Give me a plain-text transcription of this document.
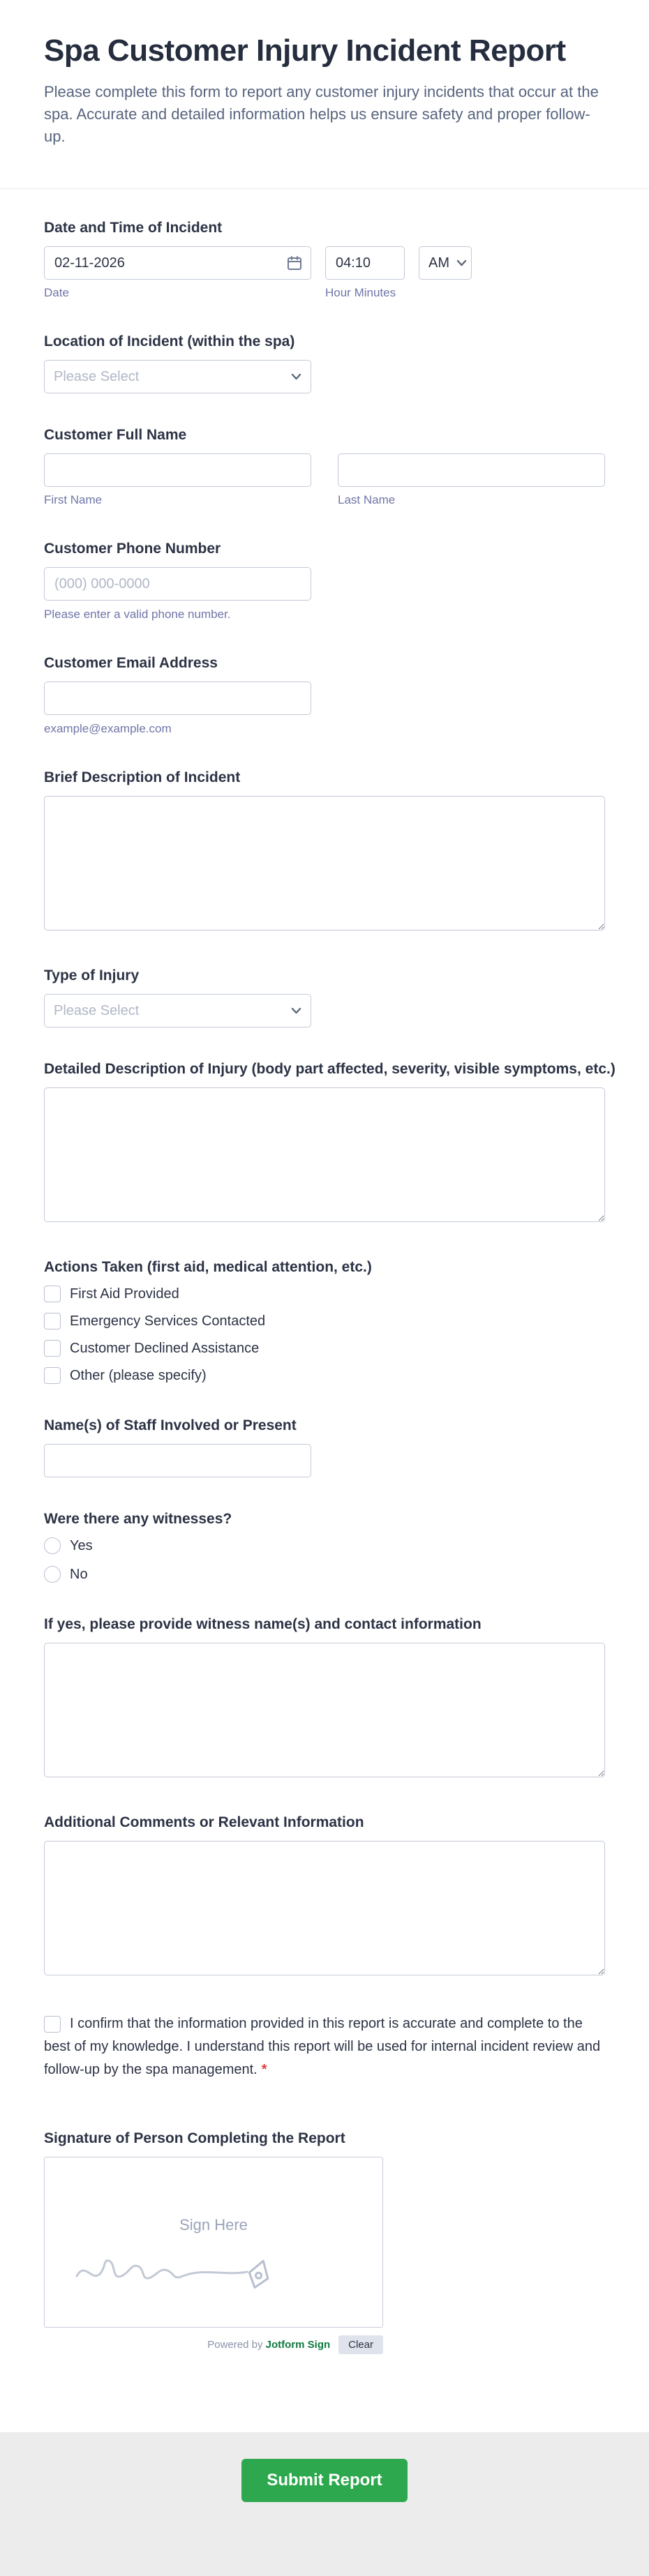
Spa Customer Injury Incident Report

Please complete this form to report any customer injury incidents that occur at the spa. Accurate and detailed information helps us ensure safety and proper follow-up.

Date and Time of Incident
02-11-2026
Date
04:10	Hour Minutes
AM
Location of Incident (within the spa)
Please Select
Customer Full Name
First Name	Last Name
Customer Phone Number
(000) 000-0000
Please enter a valid phone number.
Customer Email Address
example@example.com
Brief Description of Incident
Type of Injury
Please Select
Detailed Description of Injury (body part affected, severity, visible symptoms, etc.)
Actions Taken (first aid, medical attention, etc.)
First Aid Provided
Emergency Services Contacted
Customer Declined Assistance
Other (please specify)
Name(s) of Staff Involved or Present
Were there any witnesses?
Yes
No
If yes, please provide witness name(s) and contact information
Additional Comments or Relevant Information
I confirm that the information provided in this report is accurate and complete to the best of my knowledge. I understand this report will be used for internal incident review and follow-up by the spa management. *
Signature of Person Completing the Report
Sign Here
Powered by Jotform Sign	Clear
Submit Report
